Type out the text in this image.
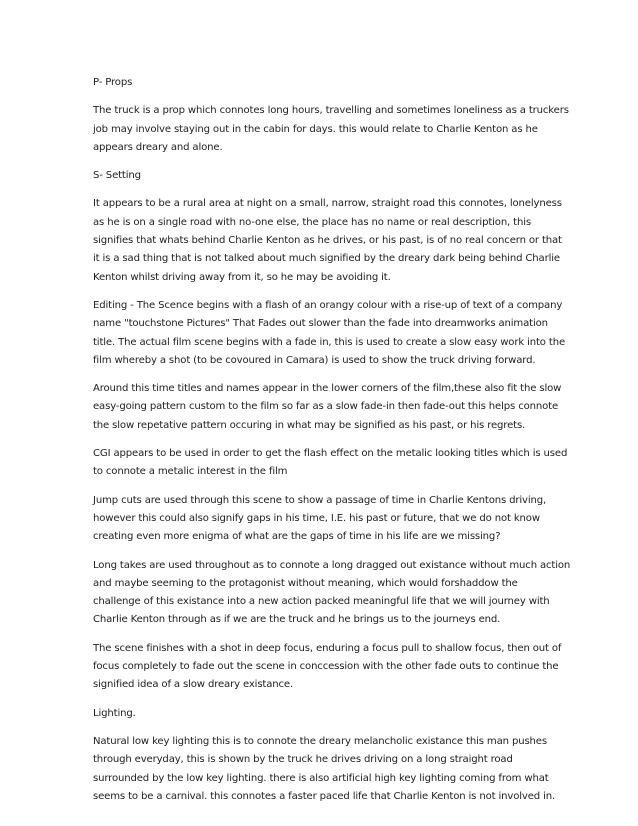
P- Props

The truck is a prop which connotes long hours, travelling and sometimes loneliness as a truckers
job may involve staying out in the cabin for days. this would relate to Charlie Kenton as he
appears dreary and alone.

S- Setting

It appears to be a rural area at night on a small, narrow, straight road this connotes, lonelyness
as he is on a single road with no-one else, the place has no name or real description, this
signifies that whats behind Charlie Kenton as he drives, or his past, is of no real concern or that
it is a sad thing that is not talked about much signified by the dreary dark being behind Charlie
Kenton whilst driving away from it, so he may be avoiding it.

Editing - The Scence begins with a flash of an orangy colour with a rise-up of text of a company
name "touchstone Pictures" That Fades out slower than the fade into dreamworks animation
title. The actual film scene begins with a fade in, this is used to create a slow easy work into the
film whereby a shot (to be covoured in Camara) is used to show the truck driving forward.

Around this time titles and names appear in the lower corners of the film,these also fit the slow
easy-going pattern custom to the film so far as a slow fade-in then fade-out this helps connote
the slow repetative pattern occuring in what may be signified as his past, or his regrets.

CGI appears to be used in order to get the flash effect on the metalic looking titles which is used
to connote a metalic interest in the film

Jump cuts are used through this scene to show a passage of time in Charlie Kentons driving,
however this could also signify gaps in his time, I.E. his past or future, that we do not know
creating even more enigma of what are the gaps of time in his life are we missing?

Long takes are used throughout as to connote a long dragged out existance without much action
and maybe seeming to the protagonist without meaning, which would forshaddow the
challenge of this existance into a new action packed meaningful life that we will journey with
Charlie Kenton through as if we are the truck and he brings us to the journeys end.

The scene finishes with a shot in deep focus, enduring a focus pull to shallow focus, then out of
focus completely to fade out the scene in conccession with the other fade outs to continue the
signified idea of a slow dreary existance.

Lighting.

Natural low key lighting this is to connote the dreary melancholic existance this man pushes
through everyday, this is shown by the truck he drives driving on a long straight road
surrounded by the low key lighting. there is also artificial high key lighting coming from what
seems to be a carnival. this connotes a faster paced life that Charlie Kenton is not involved in.
